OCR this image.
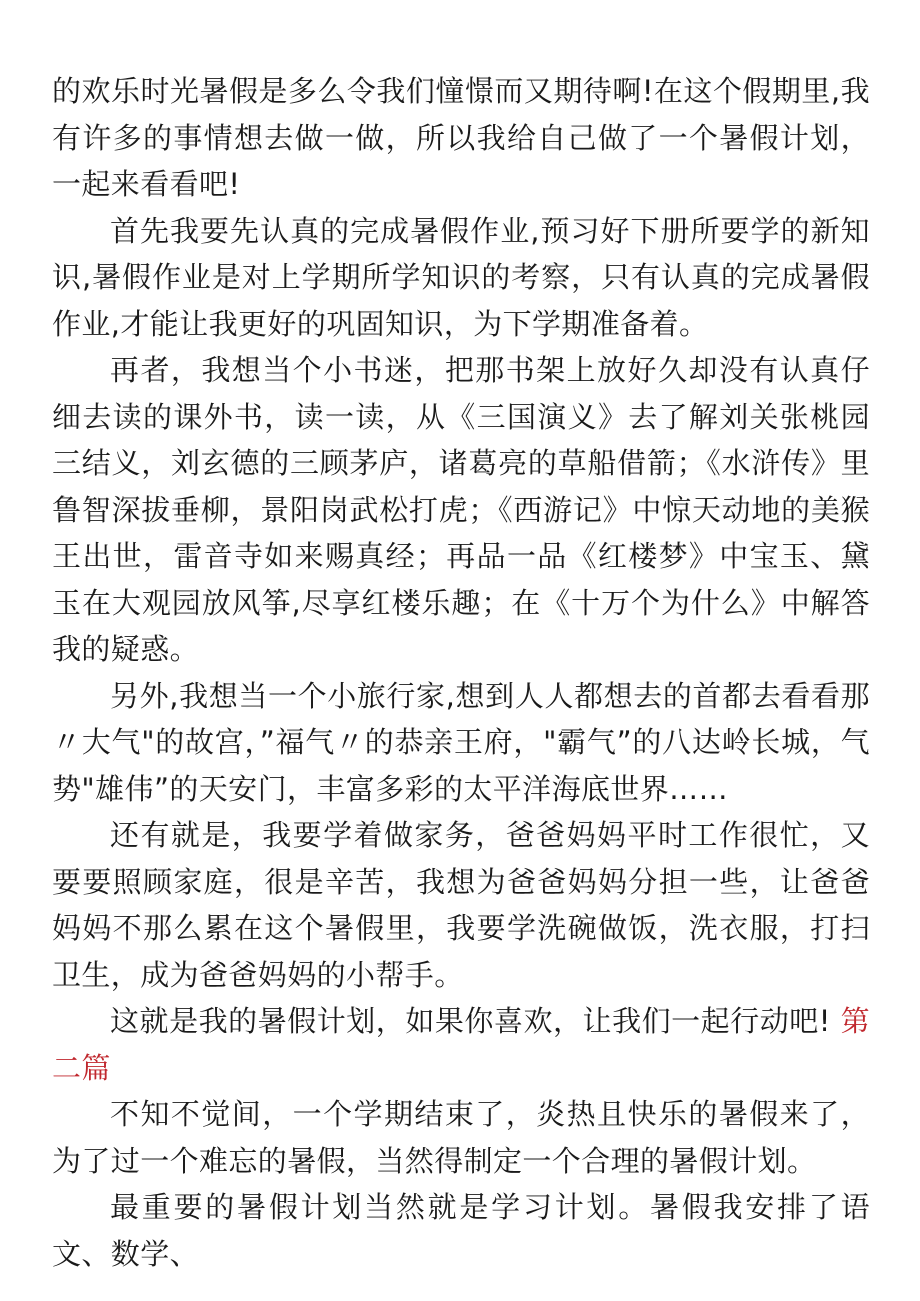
的欢乐时光暑假是多么令我们憧憬而又期待啊!在这个假期里,我有许多的事情想去做一做，所以我给自己做了一个暑假计划，一起来看看吧!

首先我要先认真的完成暑假作业,预习好下册所要学的新知识,暑假作业是对上学期所学知识的考察，只有认真的完成暑假作业,才能让我更好的巩固知识，为下学期准备着。

再者，我想当个小书迷，把那书架上放好久却没有认真仔细去读的课外书，读一读，从《三国演义》去了解刘关张桃园三结义，刘玄德的三顾茅庐，诸葛亮的草船借箭；《水浒传》里鲁智深拔垂柳，景阳岗武松打虎；《西游记》中惊天动地的美猴王出世，雷音寺如来赐真经；再品一品《红楼梦》中宝玉、黛玉在大观园放风筝,尽享红楼乐趣；在《十万个为什么》中解答我的疑惑。

另外,我想当一个小旅行家,想到人人都想去的首都去看看那〃大气"的故宫，”福气〃的恭亲王府，"霸气”的八达岭长城，气势"雄伟”的天安门，丰富多彩的太平洋海底世界……

还有就是，我要学着做家务，爸爸妈妈平时工作很忙，又要要照顾家庭，很是辛苦，我想为爸爸妈妈分担一些，让爸爸妈妈不那么累在这个暑假里，我要学洗碗做饭，洗衣服，打扫卫生，成为爸爸妈妈的小帮手。

这就是我的暑假计划，如果你喜欢，让我们一起行动吧! 第二篇

不知不觉间，一个学期结束了，炎热且快乐的暑假来了，为了过一个难忘的暑假，当然得制定一个合理的暑假计划。

最重要的暑假计划当然就是学习计划。暑假我安排了语文、数学、
